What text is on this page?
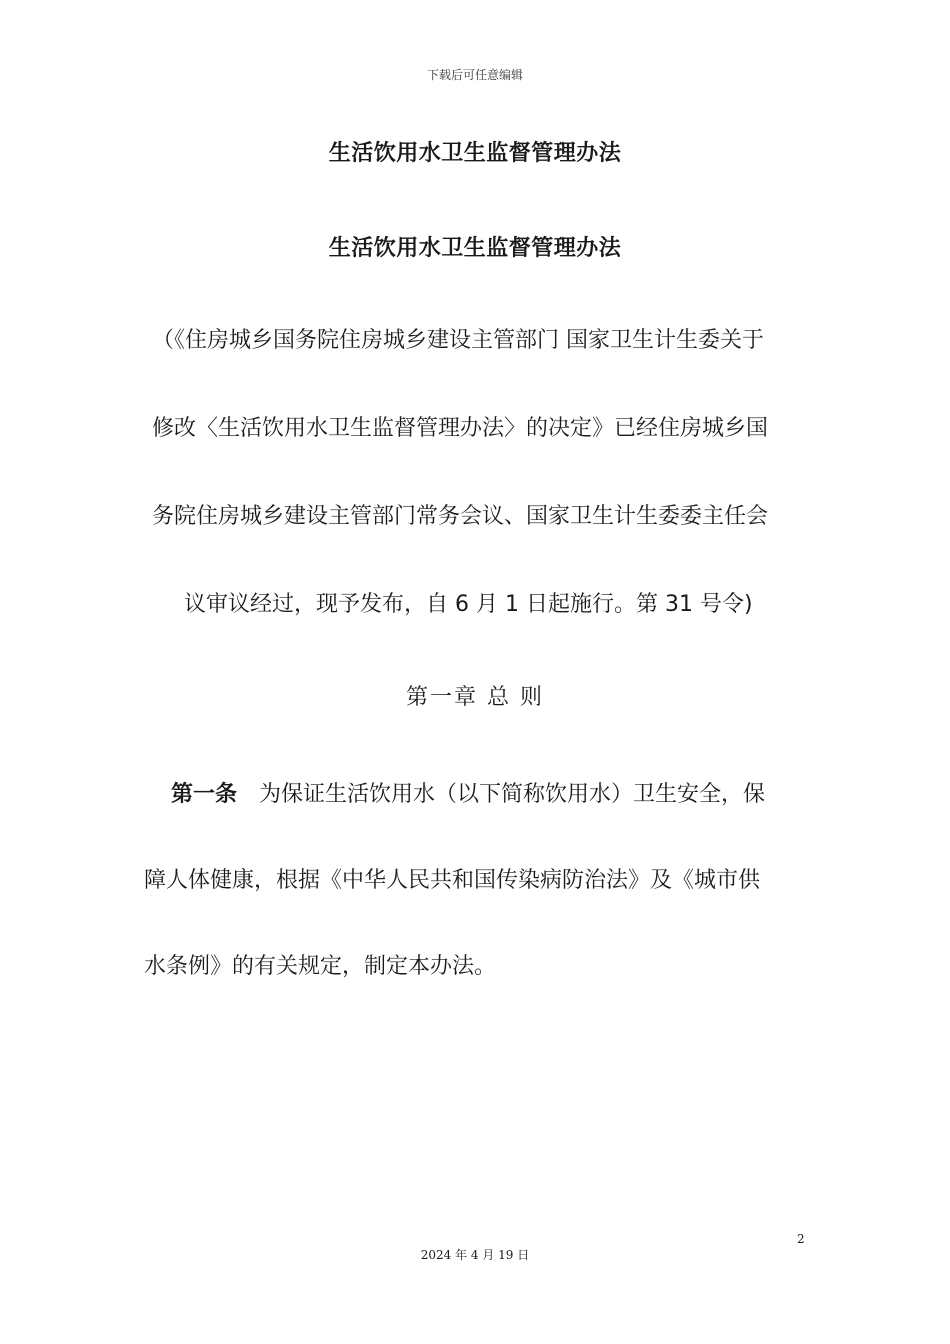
下载后可任意编辑
生活饮用水卫生监督管理办法
生活饮用水卫生监督管理办法
（《住房城乡国务院住房城乡建设主管部门 国家卫生计生委关于
修改〈生活饮用水卫生监督管理办法〉的决定》已经住房城乡国
务院住房城乡建设主管部门常务会议、国家卫生计生委委主任会
议审议经过，现予发布，自 6 月 1 日起施行。第 31 号令)
第一章 总 则
第一条 为保证生活饮用水（以下简称饮用水）卫生安全，保
障人体健康，根据《中华人民共和国传染病防治法》及《城市供
水条例》的有关规定，制定本办法。
2
2024 年 4 月 19 日
